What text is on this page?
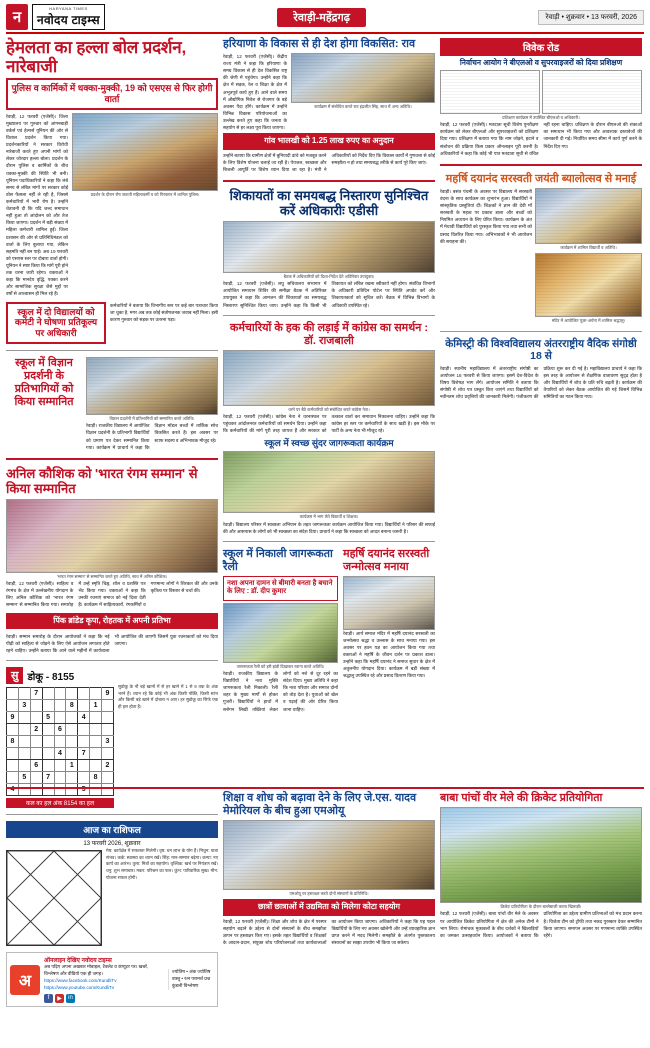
न
HARYANA TIMES
नवोदय टाइम्स	रेवाड़ी-महेंद्रगढ़	रेवाड़ी • शुक्रवार • 13 फरवरी, 2026
हेमलता का हल्ला बोल प्रदर्शन, नारेबाजी
पुलिस व कार्मिकों में धक्का-मुक्की, 19 को एसएस से फिर होगी वार्ता
रेवाड़ी, 12 फरवरी (एजेंसी)। जिला मुख्यालय पर गुरुवार को आंगनबाड़ी वर्कर्स एवं हेल्पर्स यूनियन की ओर से विशाल प्रदर्शन किया गया। प्रदर्शनकारियों ने सरकार विरोधी नारेबाजी करते हुए अपनी मांगों को लेकर जोरदार हल्ला बोला। प्रदर्शन के दौरान पुलिस व कार्मिकों के बीच धक्का-मुक्की की स्थिति भी बनी। यूनियन पदाधिकारियों ने कहा कि लंबे समय से लंबित मांगों पर सरकार कोई ठोस फैसला नहीं ले रही है, जिससे कर्मचारियों में भारी रोष है। उन्होंने चेतावनी दी कि यदि जल्द समाधान नहीं हुआ तो आंदोलन को और तेज किया जाएगा। प्रदर्शन में बड़ी संख्या में महिला कर्मचारी शामिल हुईं। जिला प्रशासन की ओर से प्रतिनिधिमंडल को वार्ता के लिए बुलाया गया, लेकिन सहमति नहीं बन पाई। अब 19 फरवरी को एसएस स्तर पर दोबारा वार्ता होगी। यूनियन ने स्पष्ट किया कि मांगें पूरी होने तक धरना जारी रहेगा। वक्ताओं ने कहा कि मानदेय वृद्धि, पक्का करने और सामाजिक सुरक्षा जैसे मुद्दों पर वर्षों से आश्वासन ही मिल रहे हैं।
प्रदर्शन के दौरान रोष जताती महिलाकर्मी व को गिरफ्तार में शामिल पुलिस।
स्कूल में दो विद्यालयों को कमेटी ने घोषणा प्रतिकूल्य पर अधिकारी
कर्मचारियों ने बताया कि विभागीय स्तर पर कई बार पत्राचार किया जा चुका है, मगर अब तक कोई संतोषजनक जवाब नहीं मिला। इसी कारण गुरुवार को सड़क पर उतरना पड़ा।
स्कूल में विज्ञान प्रदर्शनी के प्रतिभागियों को किया सम्मानित
विज्ञान प्रदर्शनी में प्रतिभागियों को सम्मानित करते अतिथि।
रेवाड़ी। राजकीय विद्यालय में आयोजित विज्ञान प्रदर्शनी के प्रतिभागी विद्यार्थियों को प्रमाण पत्र देकर सम्मानित किया गया। कार्यक्रम में प्राचार्य ने कहा कि विज्ञान मॉडल बच्चों में तार्किक सोच विकसित करते हैं। इस अवसर पर स्टाफ सदस्य व अभिभावक मौजूद रहे।
अनिल कौशिक को 'भारत रंगम सम्मान' से किया सम्मानित
'भारत रंगम सम्मान' से सम्मानित करते हुए अतिथि, साथ में अनिल कौशिक।
रेवाड़ी, 12 फरवरी (एजेंसी)। साहित्य व रंगमंच के क्षेत्र में उल्लेखनीय योगदान के लिए अनिल कौशिक को 'भारत रंगम सम्मान' से सम्मानित किया गया। समारोह में उन्हें स्मृति चिह्न, शॉल व प्रशस्ति पत्र भेंट किया गया। वक्ताओं ने कहा कि उनकी रचनाएं समाज को नई दिशा देती हैं। कार्यक्रम में साहित्यकारों, रंगकर्मियों व गणमान्य लोगों ने शिरकत की और उनके कृतित्व पर विस्तार से चर्चा की।
पिंक ब्रांडेड कृपा, रोहतक में अपनी प्रतिभा
रेवाड़ी। सम्मान समारोह के दौरान आयोजकों ने कहा कि नई पीढ़ी को साहित्य से जोड़ने के लिए ऐसे आयोजन लगातार होते रहने चाहिए। उन्होंने बताया कि आने वाले महीनों में कार्यशाला भी आयोजित की जाएगी जिसमें युवा रचनाकारों को मंच दिया जाएगा।
सु डोकू - 8155
		7						9
	3				8		1	
9			5			4		
		2		6				
8								3
				4		7		
		6			1			2
	5		7				8	
4						5		
कल का हल अंक 8154 का हल
सुडोकू के नौ बड़े खानों में से हर खाने में 1 से 9 तक के अंक भरने हैं। ध्यान रहे कि कोई भी अंक किसी पंक्ति, किसी स्तंभ और किसी बड़े खाने में दोबारा न आए। हर सुडोकू का सिर्फ एक ही हल होता है।
आज का राशिफल
13 फरवरी 2026, शुक्रवार
मेष: कार्यक्षेत्र में सफलता मिलेगी। वृष: धन लाभ के योग हैं। मिथुन: यात्रा संभव। कर्क: स्वास्थ्य का ध्यान रखें। सिंह: मान-सम्मान बढ़ेगा। कन्या: नए कार्य का आरंभ। तुला: मित्रों का सहयोग। वृश्चिक: खर्च पर नियंत्रण रखें। धनु: शुभ समाचार। मकर: परिश्रम का फल। कुंभ: पारिवारिक सुख। मीन: योजना सफल होगी।
अ
ऑनलाइन देखिए नवोदय टाइम्स
अब पढ़िए अपना अखबार मोबाइल, टैबलेट व कंप्यूटर पर। खबरें, विश्लेषण और वीडियो एक ही जगह।
https://www.facebook.com/KundliTv https://www.youtube.com/KundliTv
f	▶	in
ज्योतिष • अंक ज्योतिष वास्तु • रत्न परामर्श प्रश्न कुंडली विश्लेषण
हरियाणा के विकास से ही देश होगा विकसित: राव
रेवाड़ी, 12 फरवरी (एजेंसी)। केंद्रीय राज्य मंत्री ने कहा कि हरियाणा के समग्र विकास से ही देश विकसित राष्ट्र की श्रेणी में पहुंचेगा। उन्होंने कहा कि क्षेत्र में सड़क, रेल व शिक्षा के क्षेत्र में अभूतपूर्व कार्य हुए हैं। आने वाले समय में औद्योगिक निवेश से रोजगार के बड़े अवसर पैदा होंगे। कार्यक्रम में उन्होंने विभिन्न विकास परियोजनाओं का उल्लेख करते हुए कहा कि जनता के सहयोग से हर लक्ष्य पूरा किया जाएगा।
कार्यक्रम में संबोधित करते राव इंद्रजीत सिंह, साथ में अन्य अतिथि।
गांव भालखी को 1.25 लाख रुपए का अनुदान
उन्होंने बताया कि ग्रामीण क्षेत्रों में बुनियादी ढांचे को मजबूत करने के लिए विशेष योजना चलाई जा रही है। पेयजल, स्वच्छता और बिजली आपूर्ति पर विशेष ध्यान दिया जा रहा है। मंत्री ने अधिकारियों को निर्देश दिए कि विकास कार्यों में गुणवत्ता से कोई समझौता न हो तथा समयबद्ध तरीके से कार्य पूरे किए जाएं।
शिकायतों का समयबद्ध निस्तारण सुनिश्चित करें अधिकारीः एडीसी
बैठक में अधिकारियों को दिशा-निर्देश देते अतिरिक्त उपायुक्त।
रेवाड़ी, 12 फरवरी (एजेंसी)। लघु सचिवालय सभागार में आयोजित समाधान शिविर की समीक्षा बैठक में अतिरिक्त उपायुक्त ने कहा कि आमजन की शिकायतों का समयबद्ध निस्तारण सुनिश्चित किया जाए। उन्होंने कहा कि किसी भी शिकायत को लंबित रखना स्वीकार्य नहीं होगा। संबंधित विभागों के अधिकारी प्रतिदिन पोर्टल पर स्थिति अपडेट करें और शिकायतकर्ता को सूचित करें। बैठक में विभिन्न विभागों के अधिकारी उपस्थित रहे।
कर्मचारियों के हक की लड़ाई में कांग्रेस का समर्थन : डॉ. राजबाली
धरने पर बैठे कर्मचारियों को संबोधित करते कांग्रेस नेता।
रेवाड़ी, 12 फरवरी (एजेंसी)। कांग्रेस नेता ने धरनास्थल पर पहुंचकर आंदोलनरत कर्मचारियों को समर्थन दिया। उन्होंने कहा कि कर्मचारियों की मांगें पूरी तरह जायज हैं और सरकार को तत्काल वार्ता कर समाधान निकालना चाहिए। उन्होंने कहा कि कांग्रेस हर स्तर पर कर्मचारियों के साथ खड़ी है। इस मौके पर पार्टी के अन्य नेता भी मौजूद रहे।
स्कूल में स्वच्छ सुंदर जागरूकता कार्यक्रम
कार्यक्रम में भाग लेते विद्यार्थी व शिक्षक।
रेवाड़ी। विद्यालय परिसर में स्वच्छता अभियान के तहत जागरूकता कार्यक्रम आयोजित किया गया। विद्यार्थियों ने परिसर की सफाई की और आसपास के लोगों को भी स्वच्छता का संदेश दिया। प्राचार्य ने कहा कि स्वच्छता को आदत बनाना जरूरी है।
स्कूल में निकाली जागरूकता रैली
नशा अपना दामन से बीमारी बनता है बचाने के लिए : डॉ. दीप कुमार
जागरूकता रैली को हरी झंडी दिखाकर रवाना करते अतिथि।
रेवाड़ी। राजकीय विद्यालय के विद्यार्थियों ने नशा मुक्ति जागरूकता रैली निकाली। रैली शहर के मुख्य मार्गों से होकर गुजरी। विद्यार्थियों ने हाथों में स्लोगन लिखी तख्तियां लेकर लोगों को नशे से दूर रहने का संदेश दिया। मुख्य अतिथि ने कहा कि नशा परिवार और समाज दोनों को तोड़ देता है। युवाओं को खेल व पढ़ाई की ओर प्रेरित किया जाना चाहिए।
महर्षि दयानंद सरस्वती जन्मोत्सव मनाया
रेवाड़ी। आर्य समाज मंदिर में महर्षि दयानंद सरस्वती का जन्मोत्सव श्रद्धा व उल्लास के साथ मनाया गया। इस अवसर पर हवन यज्ञ का आयोजन किया गया तथा वक्ताओं ने महर्षि के जीवन दर्शन पर प्रकाश डाला। उन्होंने कहा कि महर्षि दयानंद ने समाज सुधार के क्षेत्र में अतुलनीय योगदान दिया। कार्यक्रम में बड़ी संख्या में श्रद्धालु उपस्थित रहे और प्रसाद वितरण किया गया।
विवेक रोड
निर्वाचन आयोग ने बीएलओ व सुपरवाइजरों को दिया प्रशिक्षण
प्रशिक्षण कार्यक्रम में उपस्थित बीएलओ व अधिकारी।
रेवाड़ी, 12 फरवरी (एजेंसी)। मतदाता सूची विशेष पुनरीक्षण कार्यक्रम को लेकर बीएलओ और सुपरवाइजरों को प्रशिक्षण दिया गया। प्रशिक्षण में बताया गया कि नाम जोड़ने, हटाने व संशोधन की प्रक्रिया किस प्रकार ऑनलाइन पूरी करनी है। अधिकारियों ने कहा कि कोई भी पात्र मतदाता सूची से वंचित नहीं रहना चाहिए। प्रशिक्षण के दौरान बीएलओ की शंकाओं का समाधान भी किया गया और आवश्यक दस्तावेजों की जानकारी दी गई। निर्धारित समय सीमा में कार्य पूर्ण करने के निर्देश दिए गए।
महर्षि दयानंद सरस्वती जयंती ब्यालोत्सव से मनाई
रेवाड़ी। बसंत पंचमी के अवसर पर विद्यालय में सरस्वती वंदना के साथ कार्यक्रम का शुभारंभ हुआ। विद्यार्थियों ने सांस्कृतिक प्रस्तुतियां दीं। शिक्षकों ने ज्ञान की देवी माँ सरस्वती के महत्व पर प्रकाश डाला और बच्चों को नियमित अध्ययन के लिए प्रेरित किया। कार्यक्रम के अंत में मेधावी विद्यार्थियों को पुरस्कृत किया गया तथा सभी को प्रसाद वितरित किया गया। अभिभावकों ने भी आयोजन की सराहना की।
कार्यक्रम में शामिल विद्यार्थी व अतिथि।
मंदिर में आयोजित पूजा-अर्चना में शामिल श्रद्धालु।
केमिस्ट्री की विश्वविद्यालय अंतरराष्ट्रीय वैदिक संगोष्ठी 18 से
रेवाड़ी। स्थानीय महाविद्यालय में अंतरराष्ट्रीय संगोष्ठी का आयोजन 18 फरवरी से किया जाएगा। इसमें देश-विदेश के विषय विशेषज्ञ भाग लेंगे। आयोजन समिति ने बताया कि संगोष्ठी में शोध पत्र प्रस्तुत किए जाएंगे तथा विद्यार्थियों को नवीनतम शोध प्रवृत्तियों की जानकारी मिलेगी। पंजीकरण की प्रक्रिया शुरू कर दी गई है। महाविद्यालय प्राचार्य ने कहा कि इस तरह के आयोजन से शैक्षणिक वातावरण सुदृढ़ होता है और विद्यार्थियों में शोध के प्रति रुचि बढ़ती है। कार्यक्रम की तैयारियों को लेकर बैठक आयोजित की गई जिसमें विभिन्न समितियों का गठन किया गया।
शिक्षा व शोध को बढ़ावा देने के लिए जे.एस. यादव मेमोरियल के बीच हुआ एमओयू
एमओयू पर हस्ताक्षर करते दोनों संस्थानों के प्रतिनिधि।
छात्रों छात्राओं में उद्यमिता को मिलेगा कोटा सहयोग
रेवाड़ी, 12 फरवरी (एजेंसी)। शिक्षा और शोध के क्षेत्र में परस्पर सहयोग बढ़ाने के उद्देश्य से दोनों संस्थानों के बीच समझौता ज्ञापन पर हस्ताक्षर किए गए। इसके तहत विद्यार्थियों व शिक्षकों के आदान-प्रदान, संयुक्त शोध परियोजनाओं तथा कार्यशालाओं का आयोजन किया जाएगा। अधिकारियों ने कहा कि यह पहल विद्यार्थियों के लिए नए अवसर खोलेगी और उन्हें व्यावहारिक ज्ञान प्राप्त करने में मदद मिलेगी। समझौते के अंतर्गत पुस्तकालय संसाधनों का साझा उपयोग भी किया जा सकेगा।
बाबा पांचों वीर मेले की क्रिकेट प्रतियोगिता
क्रिकेट प्रतियोगिता के दौरान बल्लेबाजी करता खिलाड़ी।
रेवाड़ी, 12 फरवरी (एजेंसी)। बाबा पांचों वीर मेले के अवसर पर आयोजित क्रिकेट प्रतियोगिता में क्षेत्र की अनेक टीमों ने भाग लिया। रोमांचक मुकाबलों के बीच दर्शकों ने खिलाड़ियों का जमकर उत्साहवर्धन किया। आयोजकों ने बताया कि प्रतियोगिता का उद्देश्य ग्रामीण प्रतिभाओं को मंच प्रदान करना है। विजेता टीम को ट्रॉफी तथा नकद पुरस्कार देकर सम्मानित किया जाएगा। समापन अवसर पर गणमान्य व्यक्ति उपस्थित रहेंगे।
